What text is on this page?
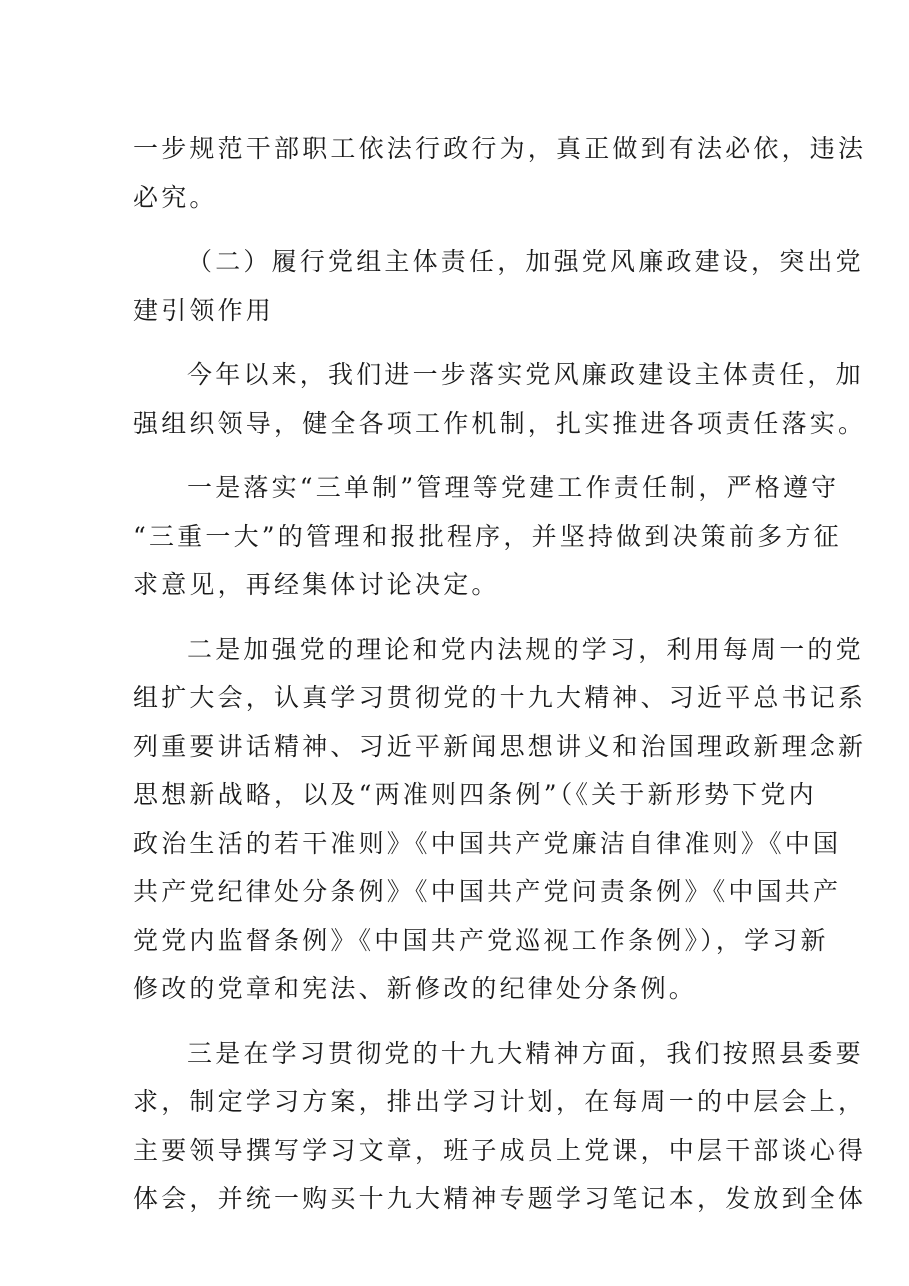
一步规范干部职工依法行政行为，真正做到有法必依，违法
必究。
（二）履行党组主体责任，加强党风廉政建设，突出党
建引领作用
今年以来，我们进一步落实党风廉政建设主体责任，加
强组织领导，健全各项工作机制，扎实推进各项责任落实。
一是落实“三单制”管理等党建工作责任制，严格遵守
“三重一大”的管理和报批程序，并坚持做到决策前多方征
求意见，再经集体讨论决定。
二是加强党的理论和党内法规的学习，利用每周一的党
组扩大会，认真学习贯彻党的十九大精神、习近平总书记系
列重要讲话精神、习近平新闻思想讲义和治国理政新理念新
思想新战略，以及“两准则四条例”（《关于新形势下党内
政治生活的若干准则》《中国共产党廉洁自律准则》《中国
共产党纪律处分条例》《中国共产党问责条例》《中国共产
党党内监督条例》《中国共产党巡视工作条例》），学习新
修改的党章和宪法、新修改的纪律处分条例。
三是在学习贯彻党的十九大精神方面，我们按照县委要
求，制定学习方案，排出学习计划，在每周一的中层会上，
主要领导撰写学习文章，班子成员上党课，中层干部谈心得
体会，并统一购买十九大精神专题学习笔记本，发放到全体
